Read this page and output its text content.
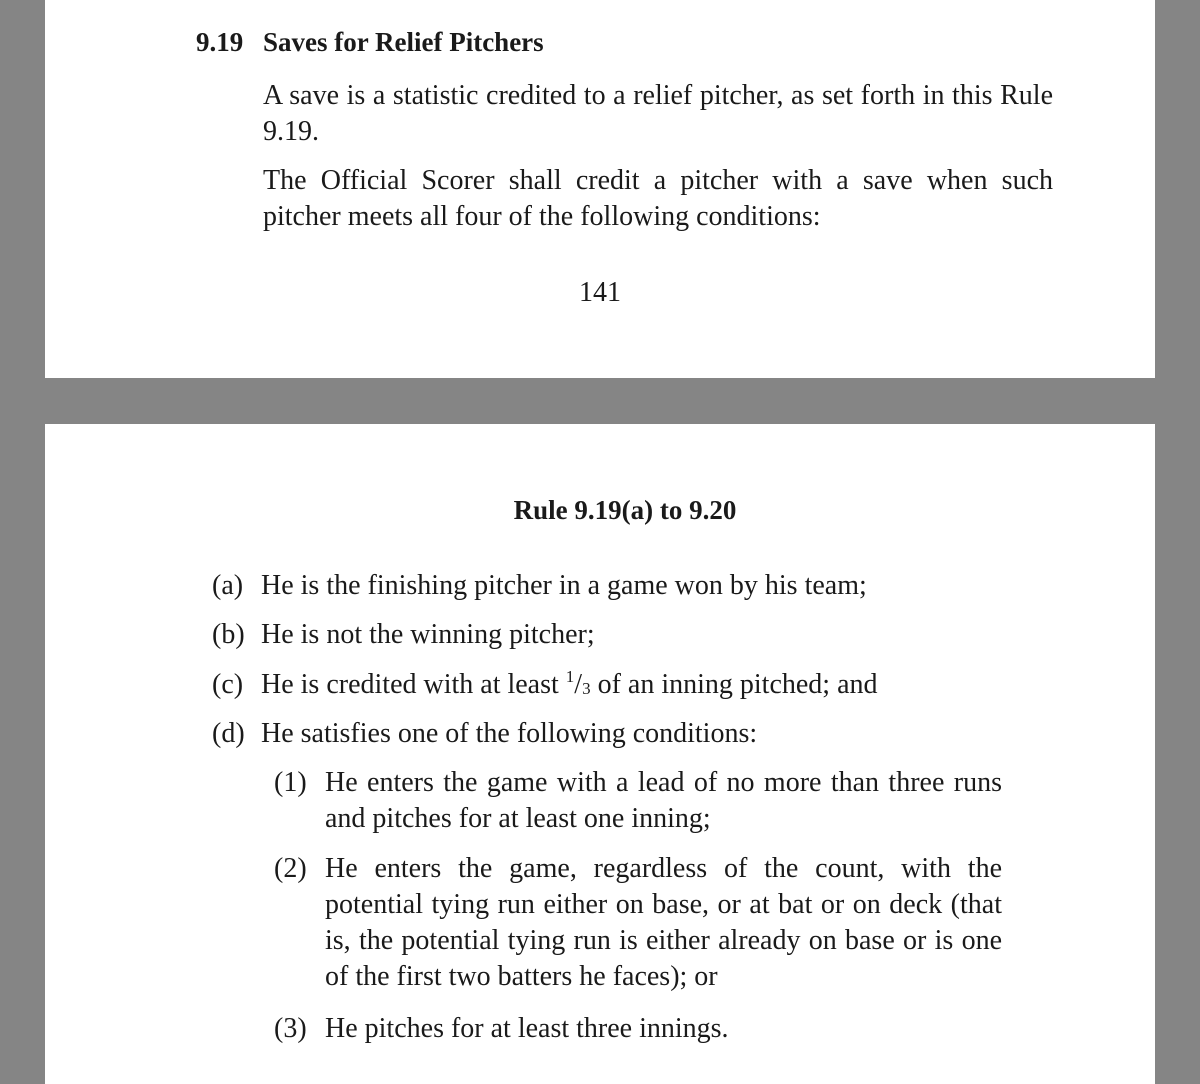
9.19 Saves for Relief Pitchers
A save is a statistic credited to a relief pitcher, as set forth in this Rule 9.19.
The Official Scorer shall credit a pitcher with a save when such pitcher meets all four of the following conditions:
141
Rule 9.19(a) to 9.20
(a) He is the finishing pitcher in a game won by his team;
(b) He is not the winning pitcher;
(c) He is credited with at least $^1/_3$ of an inning pitched; and
(d) He satisfies one of the following conditions:
(1) He enters the game with a lead of no more than three runs and pitches for at least one inning;
(2) He enters the game, regardless of the count, with the potential tying run either on base, or at bat or on deck (that is, the potential tying run is either already on base or is one of the first two batters he faces); or
(3) He pitches for at least three innings.
